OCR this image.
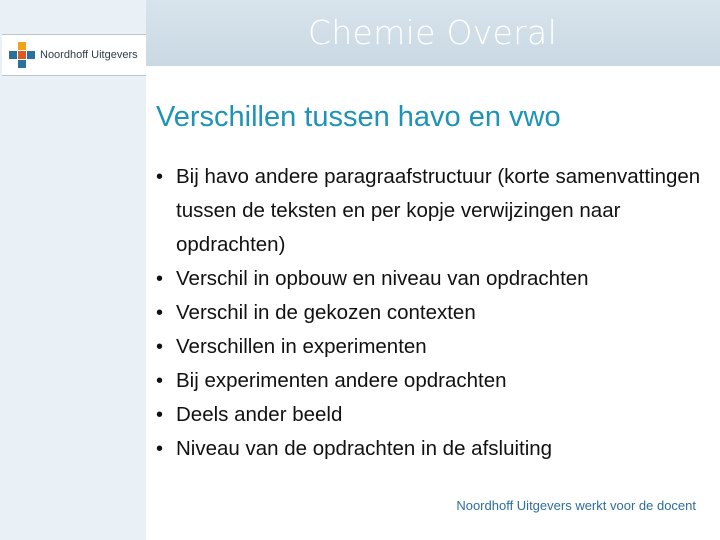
Chemie Overal
Noordhoff Uitgevers
Verschillen tussen havo en vwo
• Bij havo andere paragraafstructuur (korte samenvattingen tussen de teksten en per kopje verwijzingen naar opdrachten)
• Verschil in opbouw en niveau van opdrachten
• Verschil in de gekozen contexten
• Verschillen in experimenten
• Bij experimenten andere opdrachten
• Deels ander beeld
• Niveau van de opdrachten in de afsluiting
Noordhoff Uitgevers werkt voor de docent
